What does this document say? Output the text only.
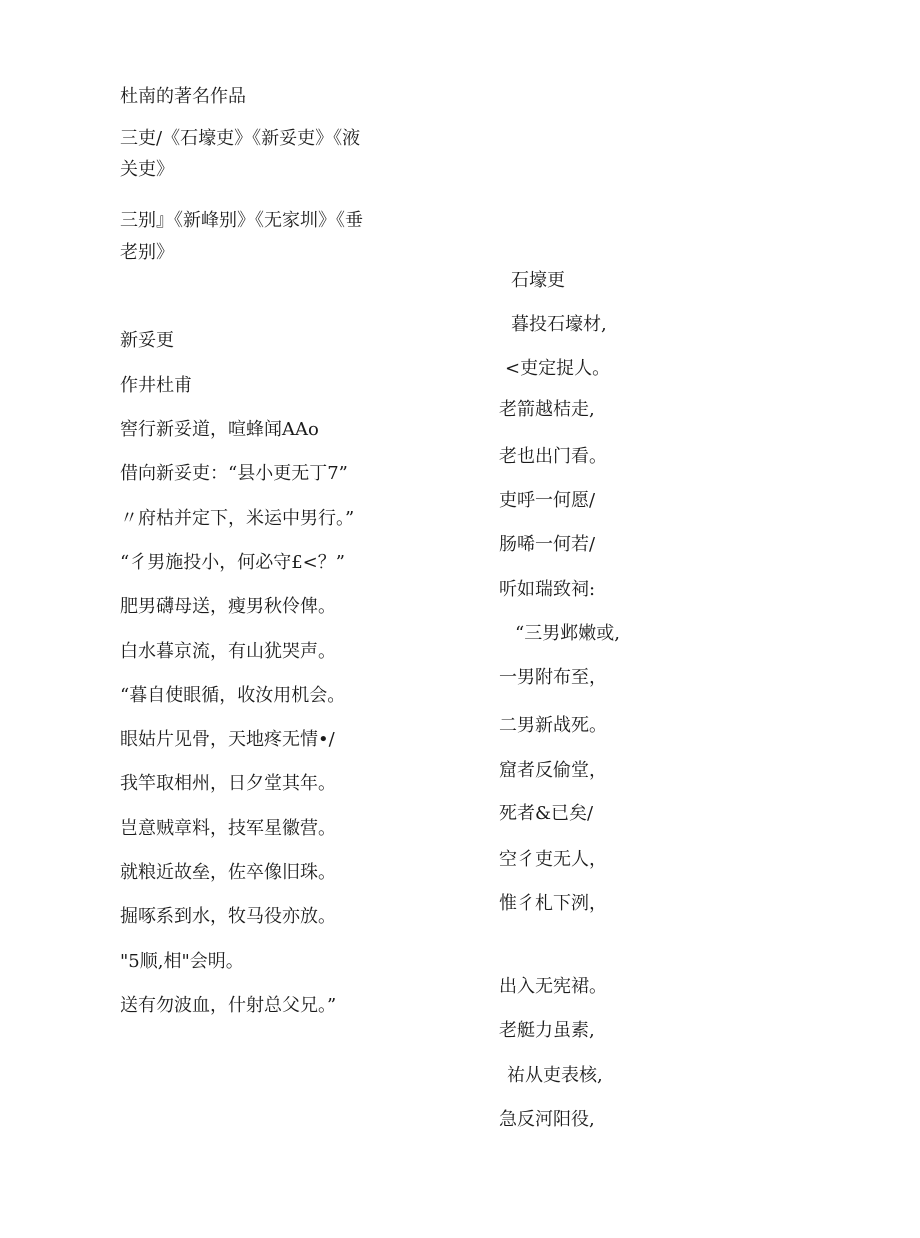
杜南的著名作品
三吏/《石壕吏》《新妥吏》《液
关吏》
三别』《新峰别》《无家圳》《垂
老别》
新妥更
作井杜甫
窖行新妥道，喧蜂闻AAo
借向新妥吏：“县小更无丁7”
〃府枯并定下，米运中男行。”
“彳男施投小，何必守£<？”
肥男礴母送，瘦男秋伶俾。
白水暮京流，有山犹哭声。
“暮自使眼循，收汝用机会。
眼姑片见骨，天地疼无情•/
我竿取相州，日夕堂其年。
岂意贼章料，技军星徽营。
就粮近故垒，佐卒像旧珠。
掘啄系到水，牧马役亦放。
"5顺,相"会明。
送有勿波血，什射总父兄。”
石壕更
暮投石壕材,
<吏定捉人。
老箭越桔走,
老也出门看。
吏呼一何愿/
肠唏一何若/
听如瑞致祠:
“三男邺嫩或,
一男附布至，
二男新战死。
窟者反偷堂，
死者&已矣/
空彳吏无人，
惟彳札下洌，
出入无宪裙。
老艇力虽素,
祐从吏表核,
急反河阳役,
